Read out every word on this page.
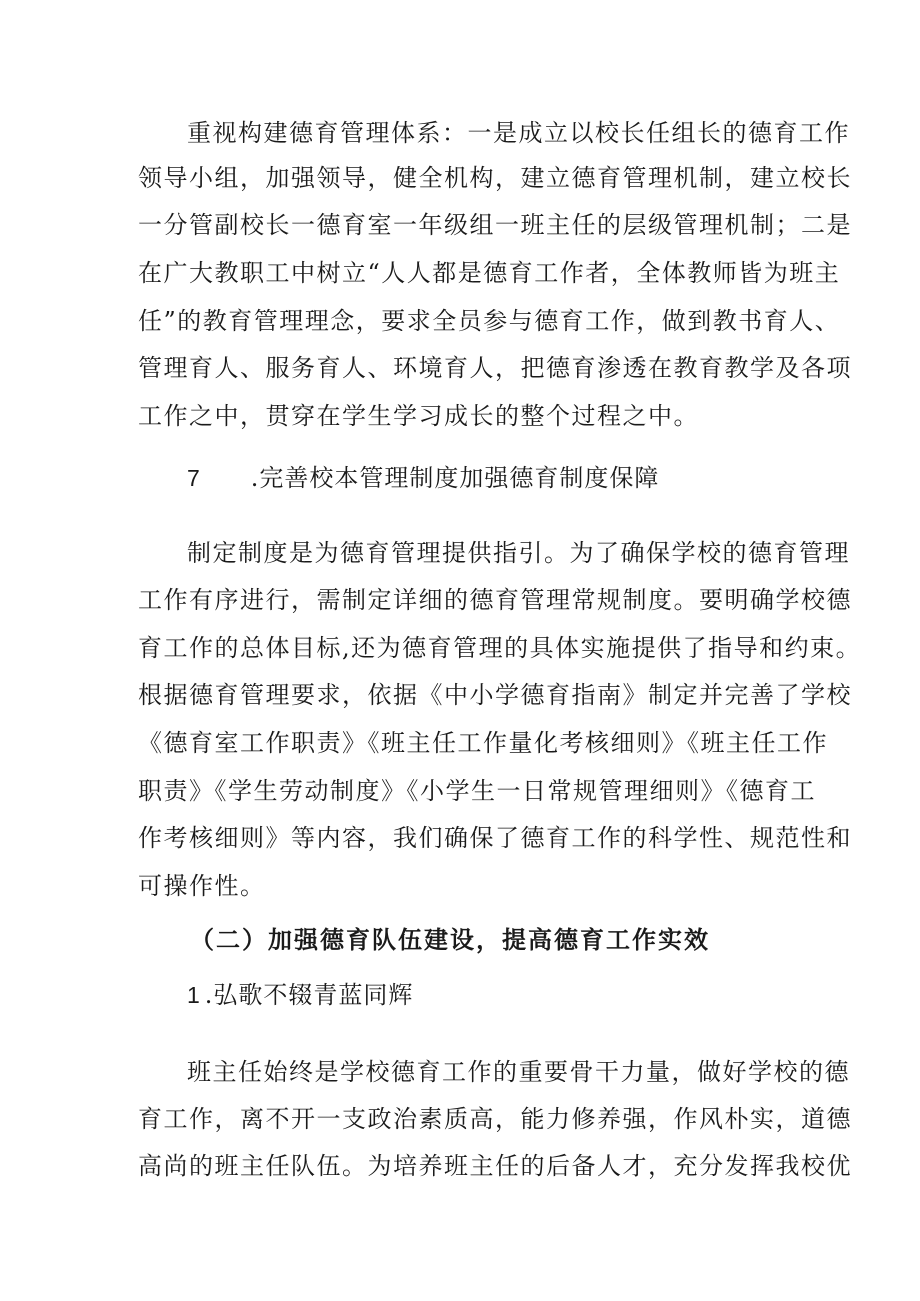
重视构建德育管理体系：一是成立以校长任组长的德育工作
领导小组，加强领导，健全机构，建立德育管理机制，建立校长
一分管副校长一德育室一年级组一班主任的层级管理机制；二是
在广大教职工中树立“人人都是德育工作者，全体教师皆为班主
任”的教育管理理念，要求全员参与德育工作，做到教书育人、
管理育人、服务育人、环境育人，把德育渗透在教育教学及各项
工作之中，贯穿在学生学习成长的整个过程之中。
7 .完善校本管理制度加强德育制度保障
制定制度是为德育管理提供指引。为了确保学校的德育管理
工作有序进行，需制定详细的德育管理常规制度。要明确学校德
育工作的总体目标,还为德育管理的具体实施提供了指导和约束。
根据德育管理要求，依据《中小学德育指南》制定并完善了学校
《德育室工作职责》《班主任工作量化考核细则》《班主任工作
职责》《学生劳动制度》《小学生一日常规管理细则》《德育工
作考核细则》等内容，我们确保了德育工作的科学性、规范性和
可操作性。
（二）加强德育队伍建设，提高德育工作实效
1 .弘歌不辍青蓝同辉
班主任始终是学校德育工作的重要骨干力量，做好学校的德
育工作，离不开一支政治素质高，能力修养强，作风朴实，道德
高尚的班主任队伍。为培养班主任的后备人才，充分发挥我校优
